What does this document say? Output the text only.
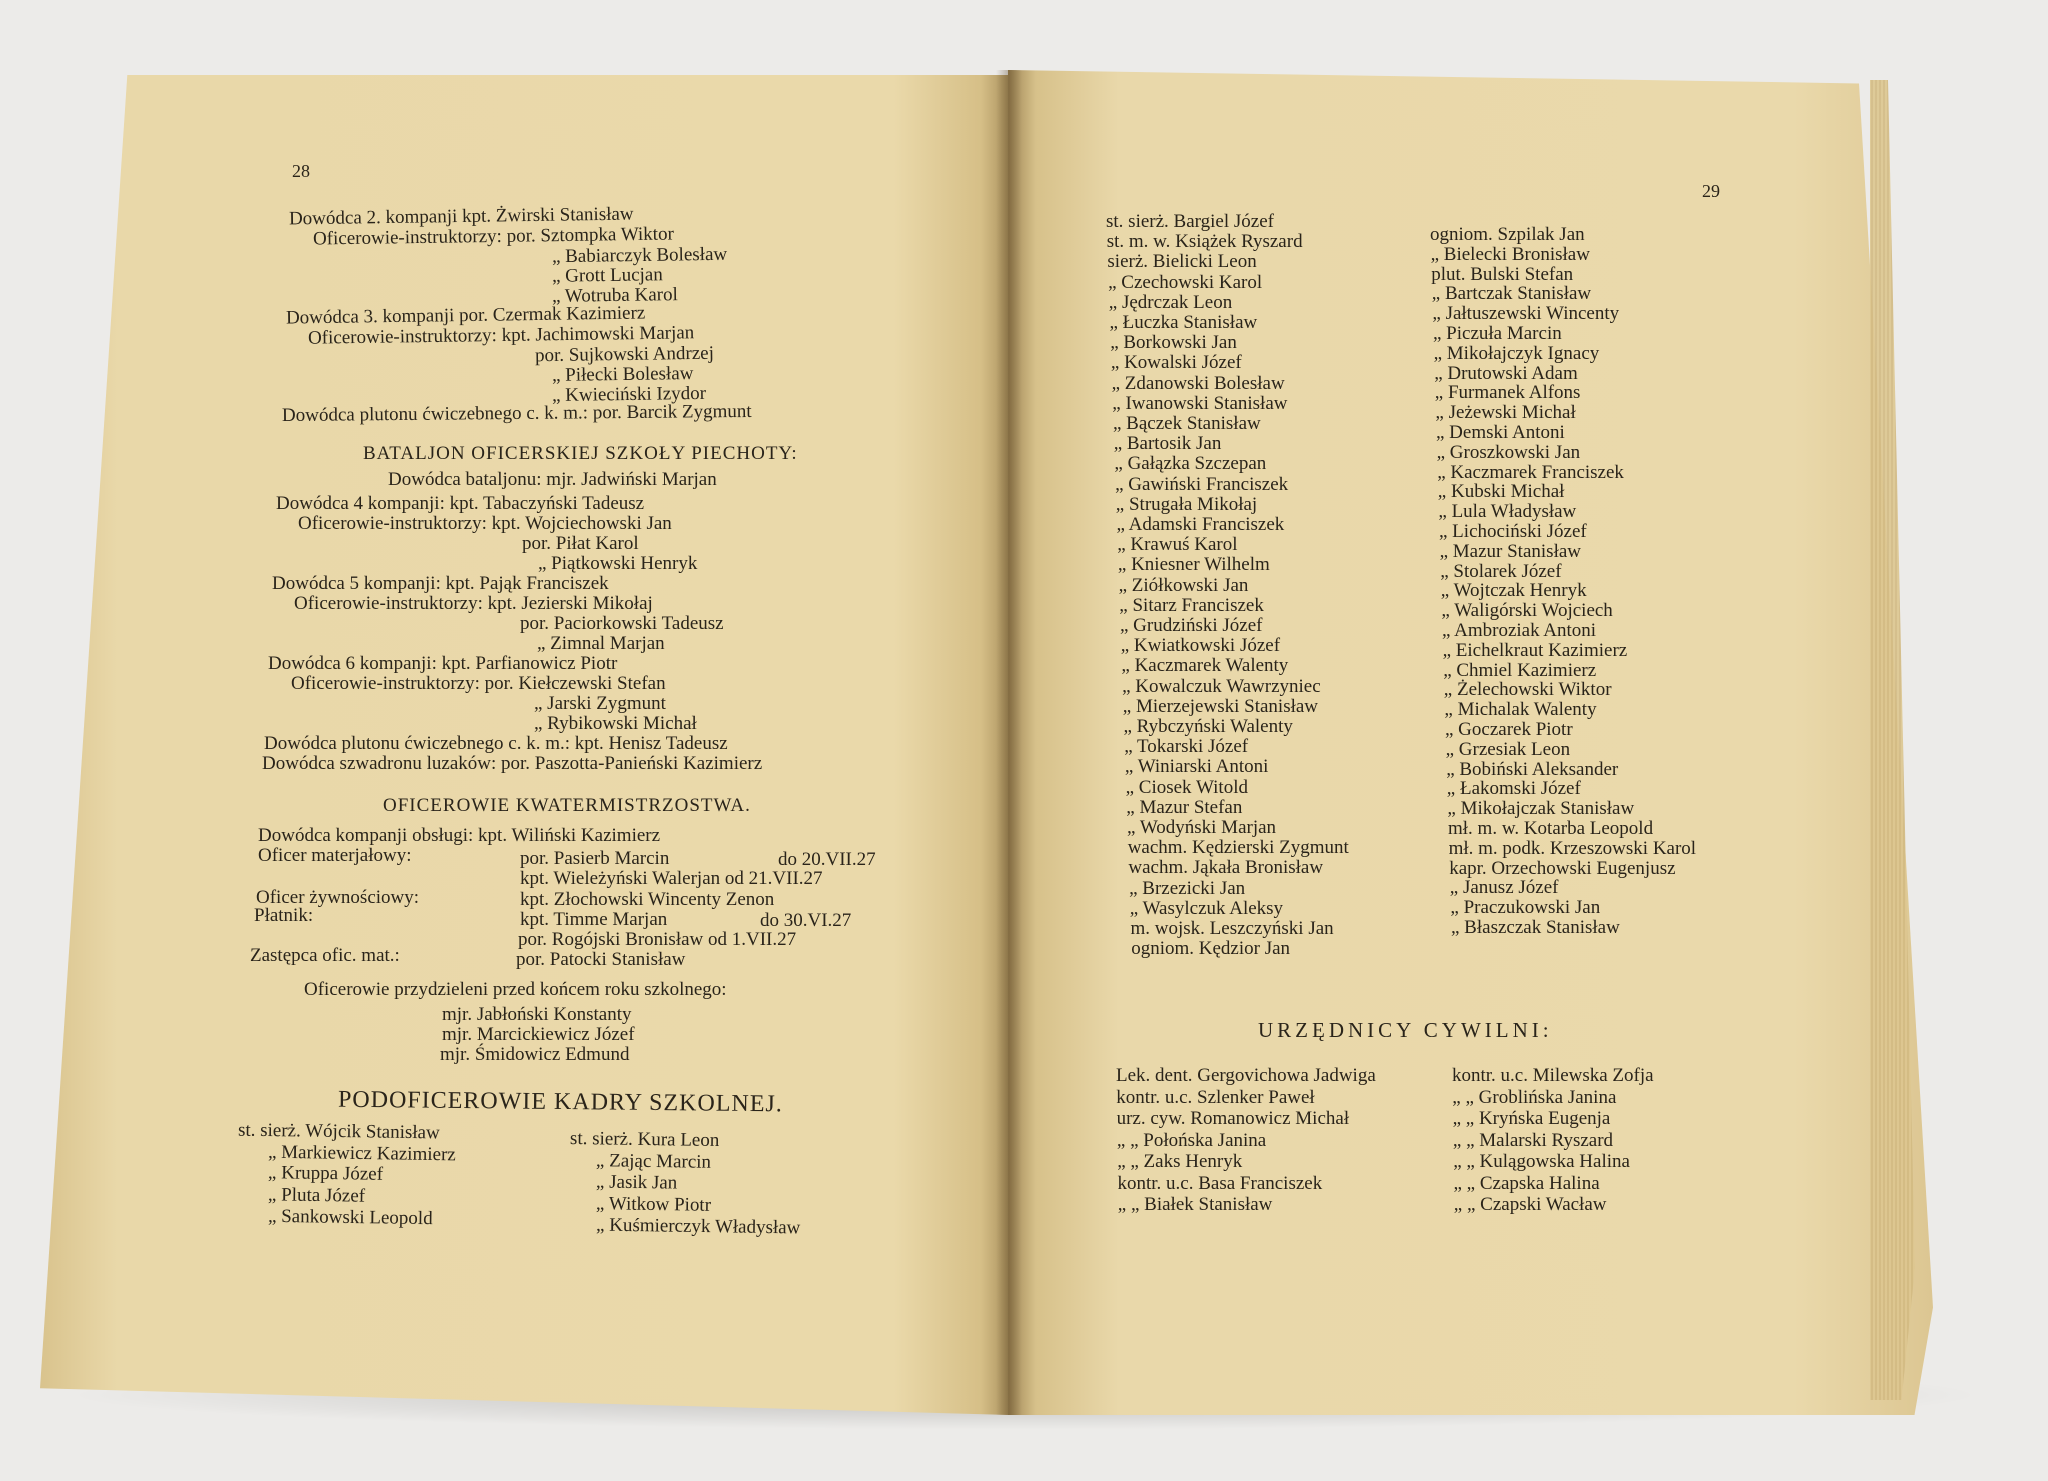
28
Dowódca 2. kompanji kpt. Żwirski Stanisław
Oficerowie-instruktorzy: por. Sztompka Wiktor
„ Babiarczyk Bolesław
„ Grott Lucjan
„ Wotruba Karol
Dowódca 3. kompanji por. Czermak Kazimierz
Oficerowie-instruktorzy: kpt. Jachimowski Marjan
por. Sujkowski Andrzej
„ Piłecki Bolesław
„ Kwieciński Izydor
Dowódca plutonu ćwiczebnego c. k. m.: por. Barcik Zygmunt
BATALJON OFICERSKIEJ SZKOŁY PIECHOTY:
Dowódca bataljonu: mjr. Jadwiński Marjan
Dowódca 4 kompanji: kpt. Tabaczyński Tadeusz
Oficerowie-instruktorzy: kpt. Wojciechowski Jan
por. Piłat Karol
„ Piątkowski Henryk
Dowódca 5 kompanji: kpt. Pająk Franciszek
Oficerowie-instruktorzy: kpt. Jezierski Mikołaj
por. Paciorkowski Tadeusz
„ Zimnal Marjan
Dowódca 6 kompanji: kpt. Parfianowicz Piotr
Oficerowie-instruktorzy: por. Kiełczewski Stefan
„ Jarski Zygmunt
„ Rybikowski Michał
Dowódca plutonu ćwiczebnego c. k. m.: kpt. Henisz Tadeusz
Dowódca szwadronu luzaków: por. Paszotta-Panieński Kazimierz
OFICEROWIE KWATERMISTRZOSTWA.
Dowódca kompanji obsługi: kpt. Wiliński Kazimierz
Oficer materjałowy:	por. Pasierb Marcin	do 20.VII.27
kpt. Wieleżyński Walerjan od 21.VII.27
Oficer żywnościowy:	kpt. Złochowski Wincenty Zenon
Płatnik:	kpt. Timme Marjan	do 30.VI.27
por. Rogójski Bronisław od 1.VII.27
Zastępca ofic. mat.:	por. Patocki Stanisław
Oficerowie przydzieleni przed końcem roku szkolnego:
mjr. Jabłoński Konstanty
mjr. Marcickiewicz Józef
mjr. Śmidowicz Edmund
PODOFICEROWIE KADRY SZKOLNEJ.
st. sierż. Wójcik Stanisław
„ Markiewicz Kazimierz
„ Kruppa Józef
„ Pluta Józef
„ Sankowski Leopold
st. sierż. Kura Leon
„ Zając Marcin
„ Jasik Jan
„ Witkow Piotr
„ Kuśmierczyk Władysław
29
st. sierż. Bargiel Józef
st. m. w. Książek Ryszard
sierż. Bielicki Leon
„ Czechowski Karol
„ Jędrczak Leon
„ Łuczka Stanisław
„ Borkowski Jan
„ Kowalski Józef
„ Zdanowski Bolesław
„ Iwanowski Stanisław
„ Bączek Stanisław
„ Bartosik Jan
„ Gałązka Szczepan
„ Gawiński Franciszek
„ Strugała Mikołaj
„ Adamski Franciszek
„ Krawuś Karol
„ Kniesner Wilhelm
„ Ziółkowski Jan
„ Sitarz Franciszek
„ Grudziński Józef
„ Kwiatkowski Józef
„ Kaczmarek Walenty
„ Kowalczuk Wawrzyniec
„ Mierzejewski Stanisław
„ Rybczyński Walenty
„ Tokarski Józef
„ Winiarski Antoni
„ Ciosek Witold
„ Mazur Stefan
„ Wodyński Marjan
wachm. Kędzierski Zygmunt
wachm. Jąkała Bronisław
„ Brzezicki Jan
„ Wasylczuk Aleksy
m. wojsk. Leszczyński Jan
ogniom. Kędzior Jan
ogniom. Szpilak Jan
„ Bielecki Bronisław
plut. Bulski Stefan
„ Bartczak Stanisław
„ Jałtuszewski Wincenty
„ Piczuła Marcin
„ Mikołajczyk Ignacy
„ Drutowski Adam
„ Furmanek Alfons
„ Jeżewski Michał
„ Demski Antoni
„ Groszkowski Jan
„ Kaczmarek Franciszek
„ Kubski Michał
„ Lula Władysław
„ Lichociński Józef
„ Mazur Stanisław
„ Stolarek Józef
„ Wojtczak Henryk
„ Waligórski Wojciech
„ Ambroziak Antoni
„ Eichelkraut Kazimierz
„ Chmiel Kazimierz
„ Żelechowski Wiktor
„ Michalak Walenty
„ Goczarek Piotr
„ Grzesiak Leon
„ Bobiński Aleksander
„ Łakomski Józef
„ Mikołajczak Stanisław
mł. m. w. Kotarba Leopold
mł. m. podk. Krzeszowski Karol
kapr. Orzechowski Eugenjusz
„ Janusz Józef
„ Praczukowski Jan
„ Błaszczak Stanisław
URZĘDNICY CYWILNI:
Lek. dent. Gergovichowa Jadwiga
kontr. u.c. Szlenker Paweł
urz. cyw. Romanowicz Michał
„ „ Połońska Janina
„ „ Zaks Henryk
kontr. u.c. Basa Franciszek
„ „ Białek Stanisław
kontr. u.c. Milewska Zofja
„ „ Groblińska Janina
„ „ Kryńska Eugenja
„ „ Malarski Ryszard
„ „ Kulągowska Halina
„ „ Czapska Halina
„ „ Czapski Wacław
